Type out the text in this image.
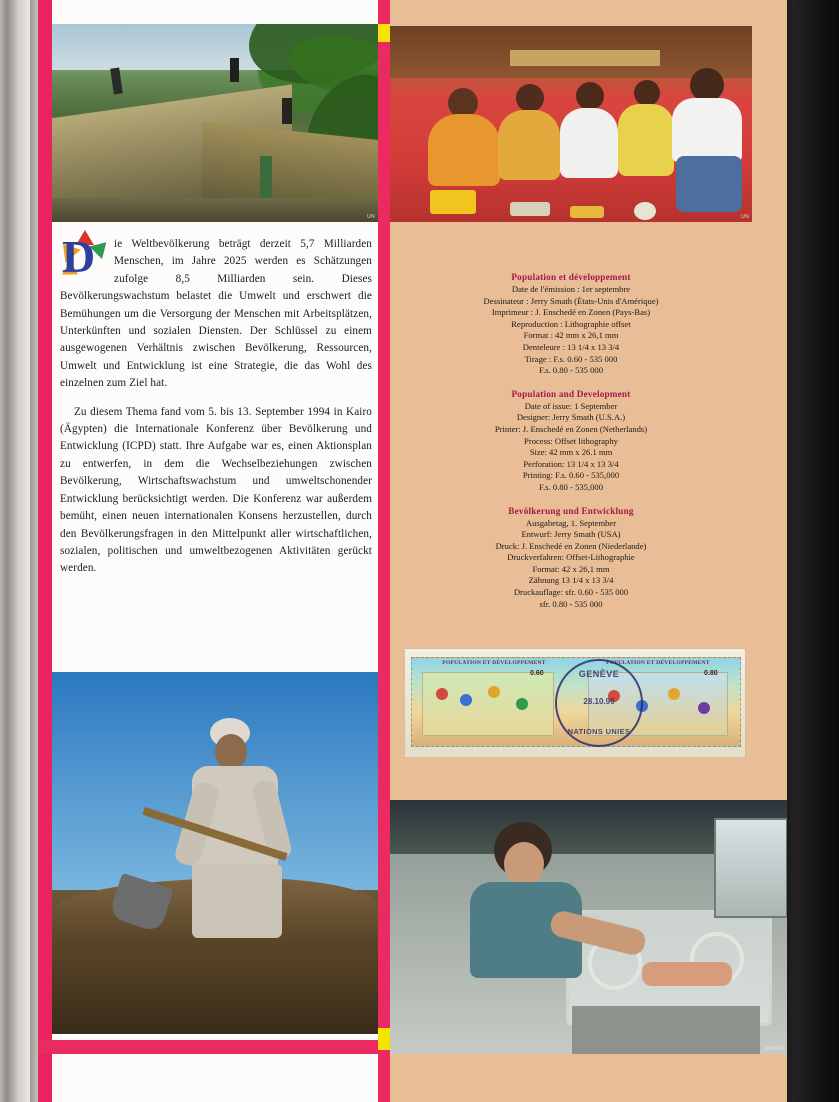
UN
D	ie Weltbevölkerung beträgt derzeit 5,7 Milliarden Menschen, im Jahre 2025 werden es Schätzungen zufolge 8,5 Milliarden sein. Dieses Bevölkerungswachstum belastet die Umwelt und erschwert die Bemühungen um die Versorgung der Menschen mit Arbeitsplätzen, Unterkünften und sozialen Diensten. Der Schlüssel zu einem ausgewogenen Verhältnis zwischen Bevölkerung, Ressourcen, Umwelt und Entwicklung ist eine Strategie, die das Wohl des einzelnen zum Ziel hat.

Zu diesem Thema fand vom 5. bis 13. September 1994 in Kairo (Ägypten) die Internationale Konferenz über Bevölkerung und Entwicklung (ICPD) statt. Ihre Aufgabe war es, einen Aktionsplan zu entwerfen, in dem die Wechselbeziehungen zwischen Bevölkerung, Wirtschaftswachstum und umweltschonender Entwicklung berücksichtigt werden. Die Konferenz war außerdem bemüht, einen neuen internationalen Konsens herzustellen, durch den Bevölkerungsfragen in den Mittelpunkt aller wirtschaftlichen, sozialen, politischen und umweltbezogenen Aktivitäten gerückt werden.

UN
Population et développement
Date de l'émission : 1er septembre
Dessinateur : Jerry Smath (États-Unis d'Amérique)
Imprimeur : J. Enschedé en Zonen (Pays-Bas)
Reproduction : Lithographie offset
Format : 42 mm x 26,1 mm
Denteleure : 13 1/4 x 13 3/4
Tirage : F.s. 0.60 - 535 000
F.s. 0.80 - 535 000
Population and Development
Date of issue: 1 September
Designer: Jerry Smath (U.S.A.)
Printer: J. Enschedé en Zonen (Netherlands)
Process: Offset lithography
Size: 42 mm x 26.1 mm
Perforation: 13 1/4 x 13 3/4
Printing: F.s. 0.60 - 535,000
F.s. 0.80 - 535,000
Bevölkerung und Entwicklung
Ausgabetag, 1. September
Entwurf: Jerry Smath (USA)
Druck: J. Enschedé en Zonen (Niederlande)
Druckverfahren: Offset-Lithographie
Format: 42 x 26,1 mm
Zähnung 13 1/4 x 13 3/4
Druckauflage: sfr. 0.60 - 535 000
sfr. 0.80 - 535 000
POPULATION ET DÉVELOPPEMENT	POPULATION ET DÉVELOPPEMENT
0.60	0.80
GENÈVE
28.10.96
NATIONS UNIES
UNICEF
